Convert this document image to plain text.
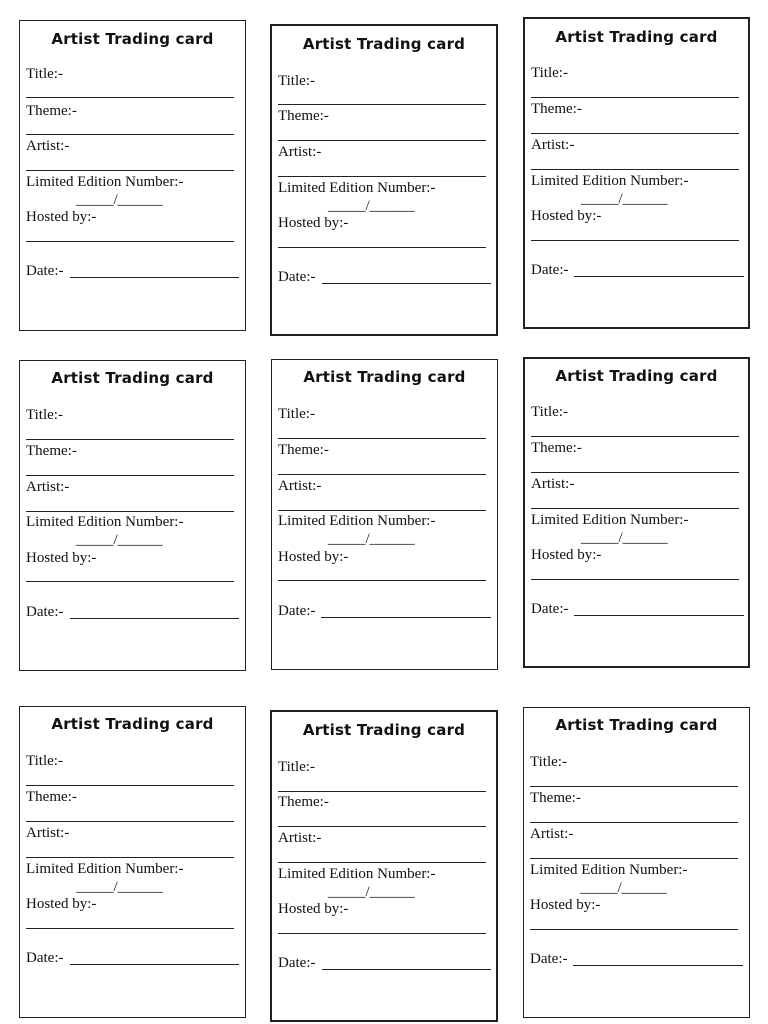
Artist Trading card
Title:-
Theme:-
Artist:-
Limited Edition Number:-
_____/______
Hosted by:-
Date:-
Artist Trading card
Title:-
Theme:-
Artist:-
Limited Edition Number:-
_____/______
Hosted by:-
Date:-
Artist Trading card
Title:-
Theme:-
Artist:-
Limited Edition Number:-
_____/______
Hosted by:-
Date:-
Artist Trading card
Title:-
Theme:-
Artist:-
Limited Edition Number:-
_____/______
Hosted by:-
Date:-
Artist Trading card
Title:-
Theme:-
Artist:-
Limited Edition Number:-
_____/______
Hosted by:-
Date:-
Artist Trading card
Title:-
Theme:-
Artist:-
Limited Edition Number:-
_____/______
Hosted by:-
Date:-
Artist Trading card
Title:-
Theme:-
Artist:-
Limited Edition Number:-
_____/______
Hosted by:-
Date:-
Artist Trading card
Title:-
Theme:-
Artist:-
Limited Edition Number:-
_____/______
Hosted by:-
Date:-
Artist Trading card
Title:-
Theme:-
Artist:-
Limited Edition Number:-
_____/______
Hosted by:-
Date:-
